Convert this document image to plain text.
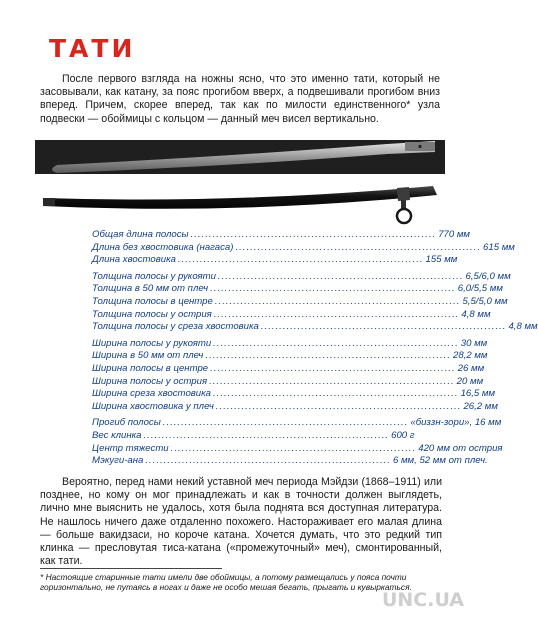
ТАТИ

После первого взгляда на ножны ясно, что это именно тати, который не засовывали, как катану, за пояс прогибом вверх, а подвешивали прогибом вниз вперед. Причем, скорее вперед, так как по милости единственного* узла подвески — обоймицы с кольцом — данный меч висел вертикально.

Общая длина полосы ................................................................... 770 мм
Длина без хвостовика (нагаса) ................................................................... 615 мм
Длина хвостовика ................................................................... 155 мм
Толщина полосы у рукояти ................................................................... 6,5/6,0 мм
Толщина в 50 мм от плеч ................................................................... 6,0/5,5 мм
Толщина полосы в центре ................................................................... 5,5/5,0 мм
Толщина полосы у острия ................................................................... 4,8 мм
Толщина полосы у среза хвостовика ................................................................... 4,8 мм
Ширина полосы у рукояти ................................................................... 30 мм
Ширина в 50 мм от плеч ................................................................... 28,2 мм
Ширина полосы в центре ................................................................... 26 мм
Ширина полосы у острия ................................................................... 20 мм
Ширина среза хвостовика ................................................................... 16,5 мм
Ширина хвостовика у плеч ................................................................... 26,2 мм
Прогиб полосы ................................................................... «биззн-зори», 16 мм
Вес клинка ................................................................... 600 г
Центр тяжести ................................................................... 420 мм от острия
Мэкуги-ана ................................................................... 6 мм, 52 мм от плеч.

Вероятно, перед нами некий уставной меч периода Мэйдзи (1868–1911) или позднее, но кому он мог принадлежать и как в точности должен выглядеть, лично мне выяснить не удалось, хотя была поднята вся доступная литература. Не нашлось ничего даже отдаленно похожего. Настораживает его малая длина — больше вакидзаси, но короче катана. Хочется думать, что это редкий тип клинка — пресловутая тиса-катана («промежуточный» меч), смонтированный, как тати.

* Настоящие старинные тати имели две обоймицы, а потому размещались у пояса почти горизонтально, не путаясь в ногах и даже не особо мешая бегать, прыгать и кувыркаться.

UNC.UA
